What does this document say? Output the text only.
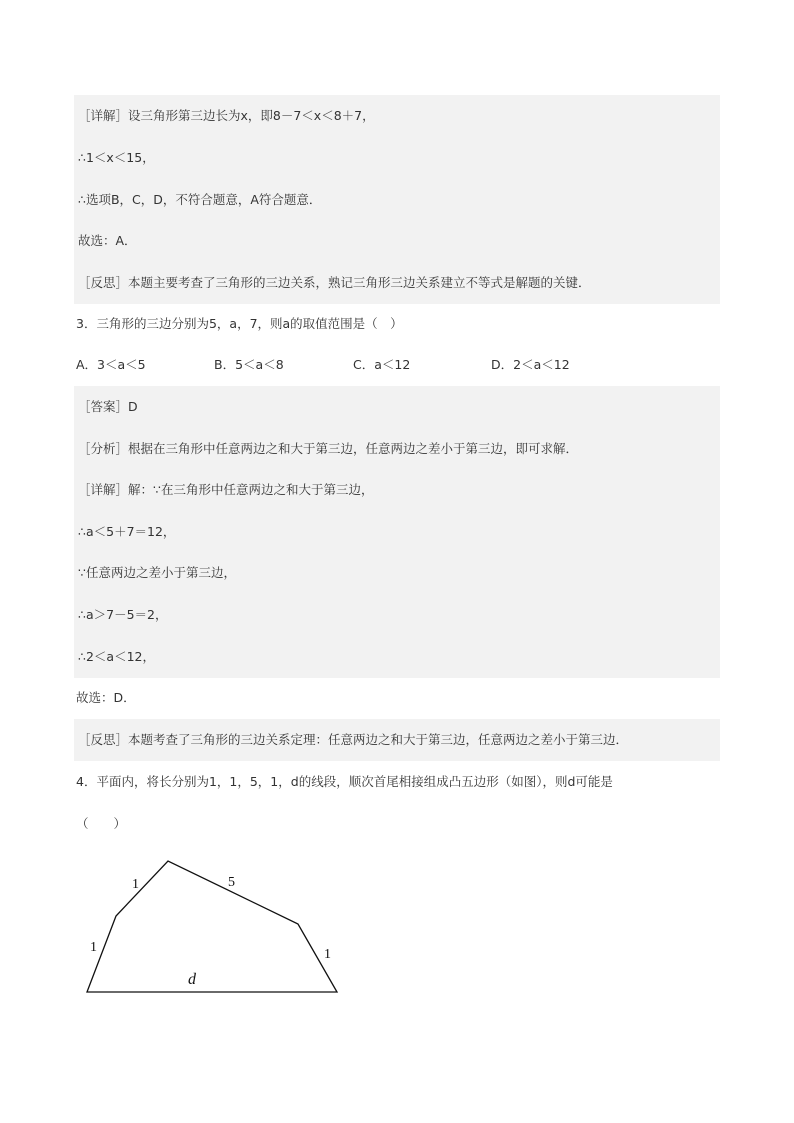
［详解］设三角形第三边长为x，即8－7＜x＜8＋7，
∴1＜x＜15，
∴选项B，C，D，不符合题意，A符合题意．
故选：A．
［反思］本题主要考查了三角形的三边关系，熟记三角形三边关系建立不等式是解题的关键．
3．三角形的三边分别为5，a，7，则a的取值范围是（　）
A．3＜a＜5	B．5＜a＜8	C．a＜12	D．2＜a＜12
［答案］D
［分析］根据在三角形中任意两边之和大于第三边，任意两边之差小于第三边，即可求解．
［详解］解：∵在三角形中任意两边之和大于第三边，
∴a＜5＋7＝12，
∵任意两边之差小于第三边，
∴a＞7－5＝2，
∴2＜a＜12，
故选：D．
［反思］本题考查了三角形的三边关系定理：任意两边之和大于第三边，任意两边之差小于第三边．
4．平面内，将长分别为1，1，5，1，d的线段，顺次首尾相接组成凸五边形（如图），则d可能是
（　　）
1
1	5
1
d
